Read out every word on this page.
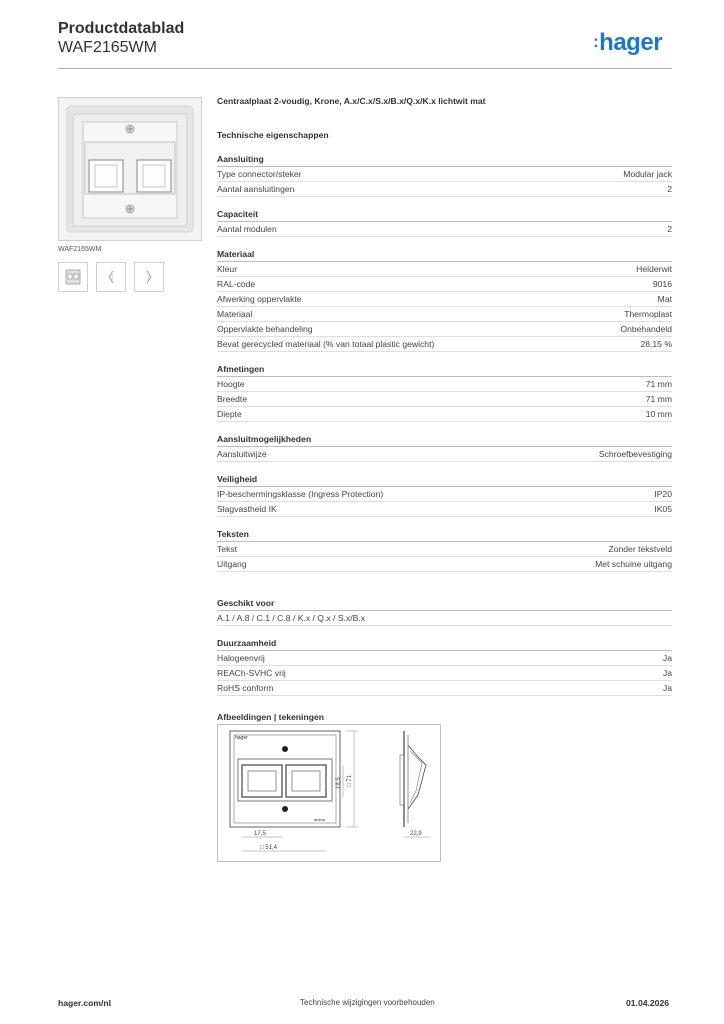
Productdatablad
WAF2165WM	:hager
WAF2165WM
Centraalplaat 2-voudig, Krone, A.x/C.x/S.x/B.x/Q.x/K.x lichtwit mat
Technische eigenschappen
Aansluiting
Type connector/steker	Modular jack
Aantal aansluitingen	2
Capaciteit
Aantal modulen	2
Materiaal
Kleur	Helderwit
RAL-code	9016
Afwerking oppervlakte	Mat
Materiaal	Thermoplast
Oppervlakte behandeling	Onbehandeld
Bevat gerecycled materiaal (% van totaal plastic gewicht)	28,15 %
Afmetingen
Hoogte	71 mm
Breedte	71 mm
Diepte	10 mm
Aansluitmogelijkheden
Aansluitwijze	Schroefbevestiging
Veiligheid
IP-beschermingsklasse (Ingress Protection)	IP20
Slagvastheid IK	IK05
Teksten
Tekst	Zonder tekstveld
Uitgang	Met schuine uitgang
Geschikt voor
A.1 / A.8 / C.1 / C.8 / K.x / Q.x / S.x/B.x
Duurzaamheid
Halogeenvrij	Ja
REACh-SVHC vrij	Ja
RoHS conform	Ja
Afbeeldingen | tekeningen
hager
ambia
□ 71
18,5
17,5
□ 51,4
22,9
hager.com/nl	Technische wijzigingen voorbehouden	01.04.2026
